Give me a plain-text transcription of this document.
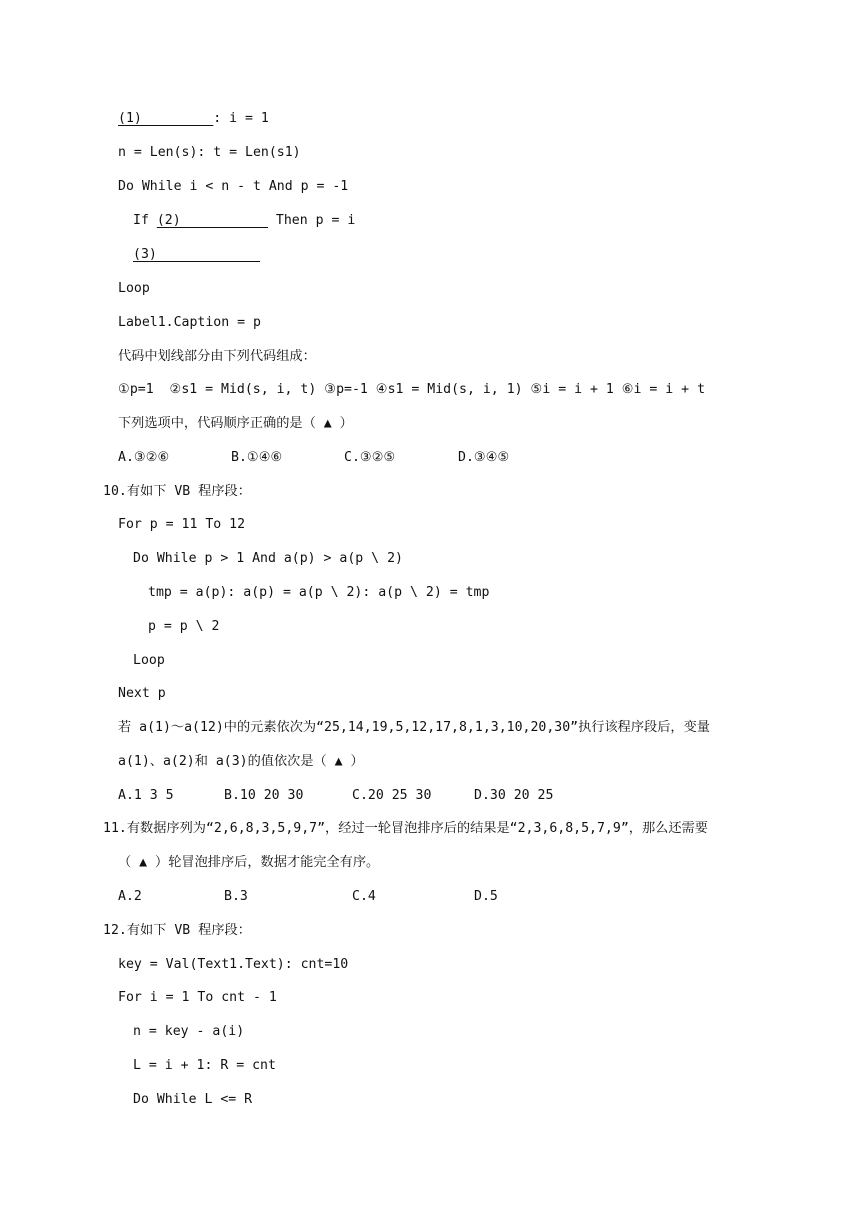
(1)         : i = 1
n = Len(s): t = Len(s1)
Do While i < n - t And p = -1
If (2)            Then p = i
(3)
Loop
Label1.Caption = p
代码中划线部分由下列代码组成：
①p=1  ②s1 = Mid(s, i, t) ③p=-1 ④s1 = Mid(s, i, 1) ⑤i = i + 1 ⑥i = i + t
下列选项中，代码顺序正确的是（ ▲ ）
A.③②⑥	B.①④⑥	C.③②⑤	D.③④⑤
10.有如下 VB 程序段：
For p = 11 To 12
Do While p > 1 And a(p) > a(p \ 2)
tmp = a(p): a(p) = a(p \ 2): a(p \ 2) = tmp
p = p \ 2
Loop
Next p
若 a(1)～a(12)中的元素依次为“25,14,19,5,12,17,8,1,3,10,20,30”执行该程序段后，变量
a(1)、a(2)和 a(3)的值依次是（ ▲ ）
A.1 3 5	B.10 20 30	C.20 25 30	D.30 20 25
11.有数据序列为“2,6,8,3,5,9,7”，经过一轮冒泡排序后的结果是“2,3,6,8,5,7,9”，那么还需要
（ ▲ ）轮冒泡排序后，数据才能完全有序。
A.2	B.3	C.4	D.5
12.有如下 VB 程序段：
key = Val(Text1.Text): cnt=10
For i = 1 To cnt - 1
n = key - a(i)
L = i + 1: R = cnt
Do While L <= R
